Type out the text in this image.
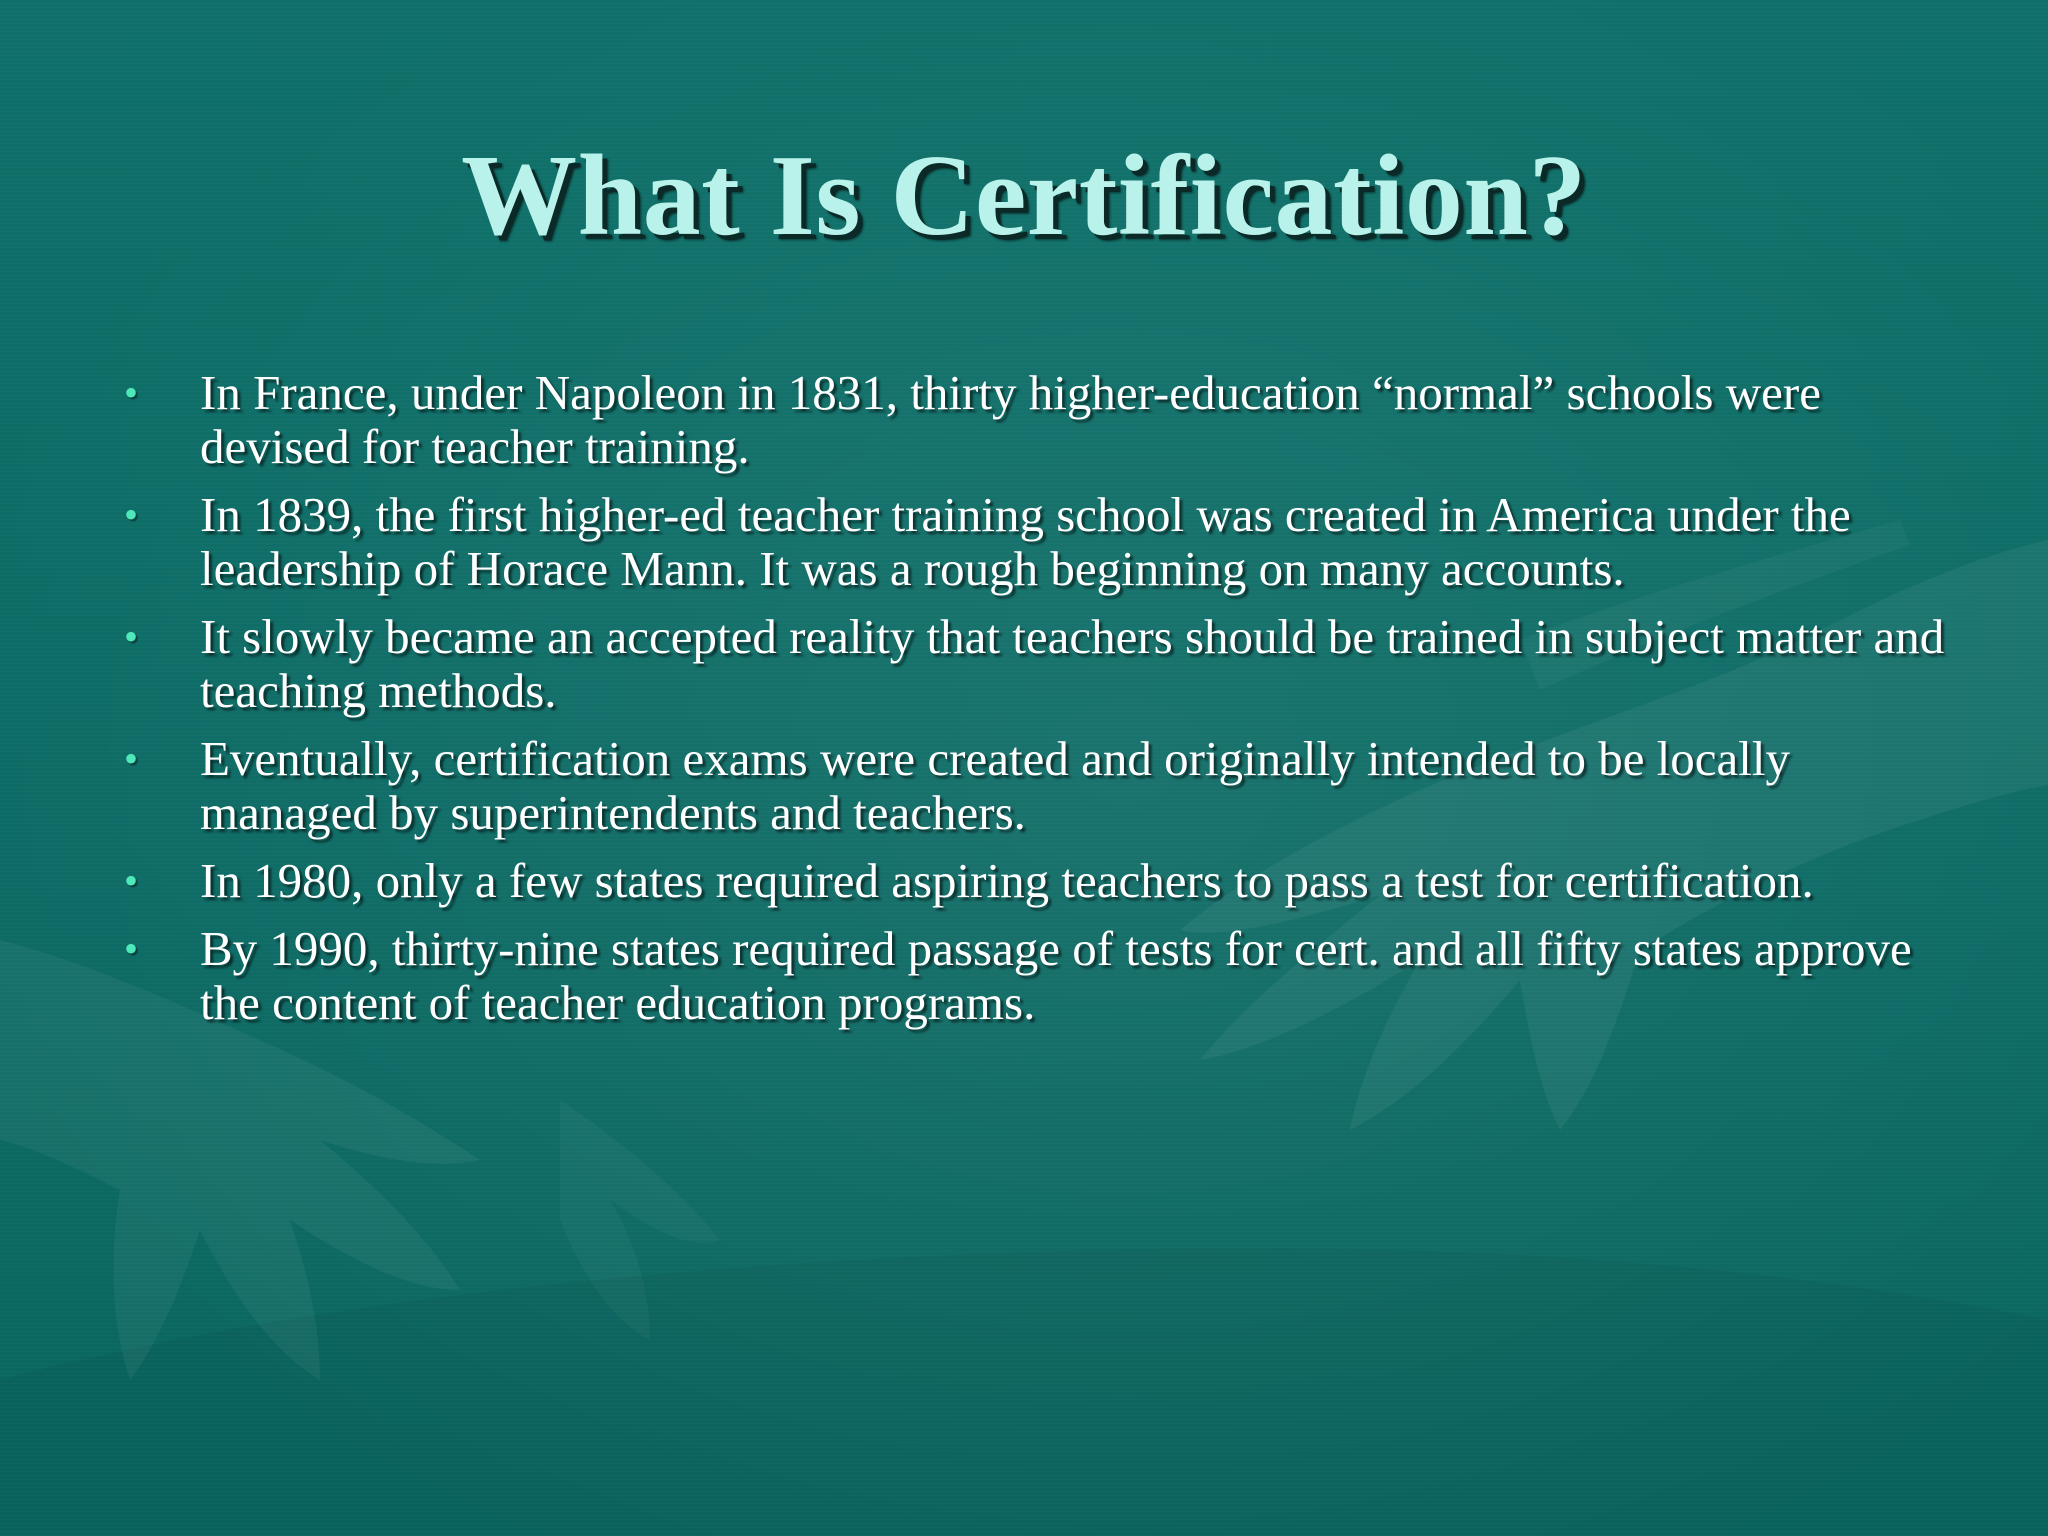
What Is Certification?
• In France, under Napoleon in 1831, thirty higher-education “normal” schools were devised for teacher training.
• In 1839, the first higher-ed teacher training school was created in America under the leadership of Horace Mann. It was a rough beginning on many accounts.
• It slowly became an accepted reality that teachers should be trained in subject matter and teaching methods.
• Eventually, certification exams were created and originally intended to be locally managed by superintendents and teachers.
• In 1980, only a few states required aspiring teachers to pass a test for certification.
• By 1990, thirty-nine states required passage of tests for cert. and all fifty states approve the content of teacher education programs.
